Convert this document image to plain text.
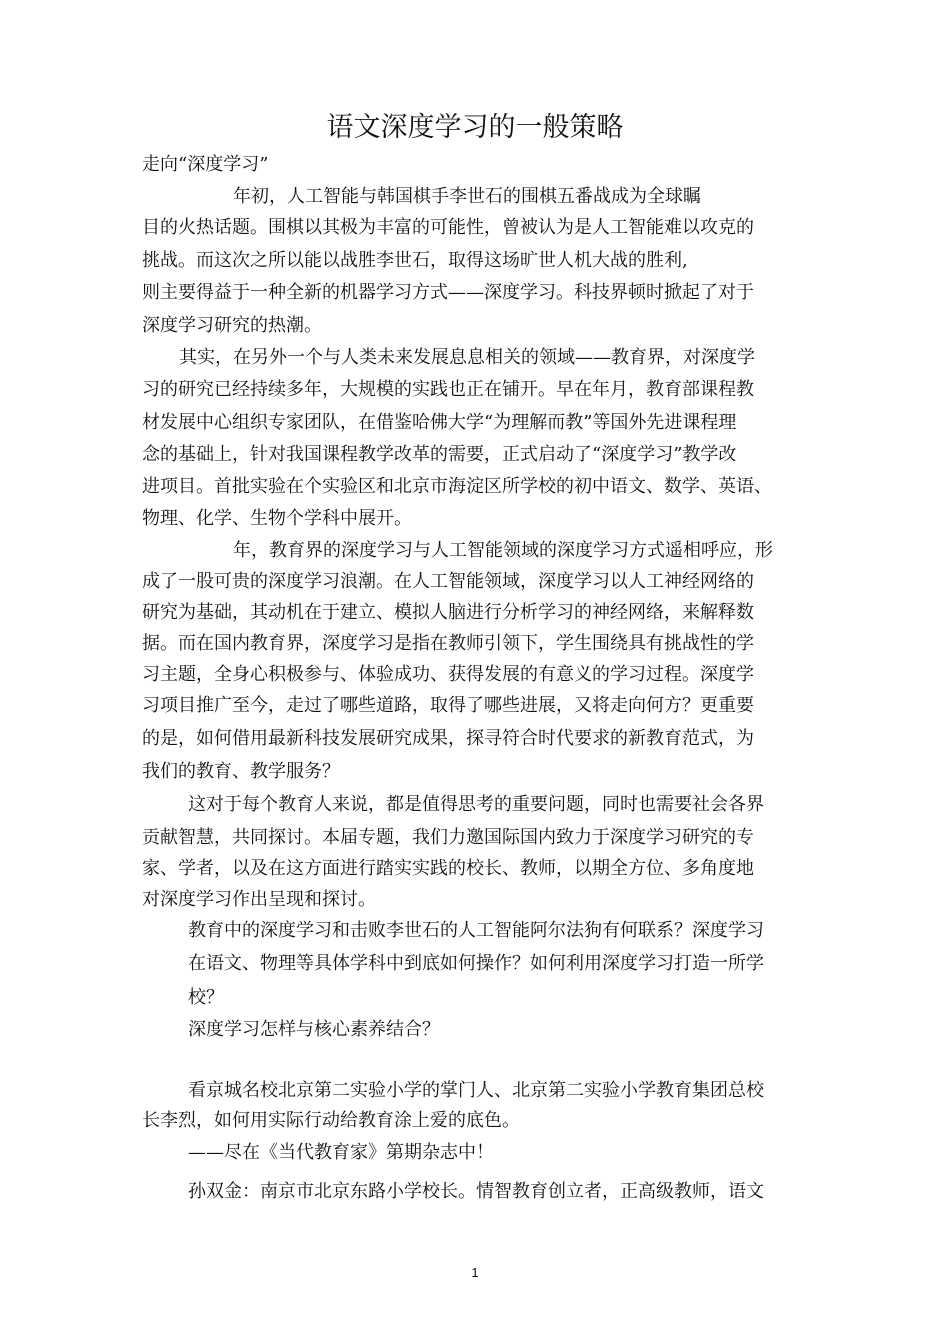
语文深度学习的一般策略

走向“深度学习”

年初，人工智能与韩国棋手李世石的围棋五番战成为全球瞩

目的火热话题。围棋以其极为丰富的可能性，曾被认为是人工智能难以攻克的

挑战。而这次之所以能以战胜李世石，取得这场旷世人机大战的胜利,

则主要得益于一种全新的机器学习方式——深度学习。科技界顿时掀起了对于

深度学习研究的热潮。

其实，在另外一个与人类未来发展息息相关的领域——教育界，对深度学

习的研究已经持续多年，大规模的实践也正在铺开。早在年月，教育部课程教

材发展中心组织专家团队，在借鉴哈佛大学“为理解而教”等国外先进课程理

念的基础上，针对我国课程教学改革的需要，正式启动了“深度学习”教学改

进项目。首批实验在个实验区和北京市海淀区所学校的初中语文、数学、英语、

物理、化学、生物个学科中展开。

年，教育界的深度学习与人工智能领域的深度学习方式遥相呼应，形

成了一股可贵的深度学习浪潮。在人工智能领域，深度学习以人工神经网络的

研究为基础，其动机在于建立、模拟人脑进行分析学习的神经网络，来解释数

据。而在国内教育界，深度学习是指在教师引领下，学生围绕具有挑战性的学

习主题，全身心积极参与、体验成功、获得发展的有意义的学习过程。深度学

习项目推广至今，走过了哪些道路，取得了哪些进展，又将走向何方？更重要

的是，如何借用最新科技发展研究成果，探寻符合时代要求的新教育范式，为

我们的教育、教学服务？

这对于每个教育人来说，都是值得思考的重要问题，同时也需要社会各界

贡献智慧，共同探讨。本届专题，我们力邀国际国内致力于深度学习研究的专

家、学者，以及在这方面进行踏实实践的校长、教师，以期全方位、多角度地

对深度学习作出呈现和探讨。

教育中的深度学习和击败李世石的人工智能阿尔法狗有何联系？深度学习

在语文、物理等具体学科中到底如何操作？如何利用深度学习打造一所学

校？

深度学习怎样与核心素养结合？

看京城名校北京第二实验小学的掌门人、北京第二实验小学教育集团总校

长李烈，如何用实际行动给教育涂上爱的底色。

——尽在《当代教育家》第期杂志中！

孙双金：南京市北京东路小学校长。情智教育创立者，正高级教师，语文

1
